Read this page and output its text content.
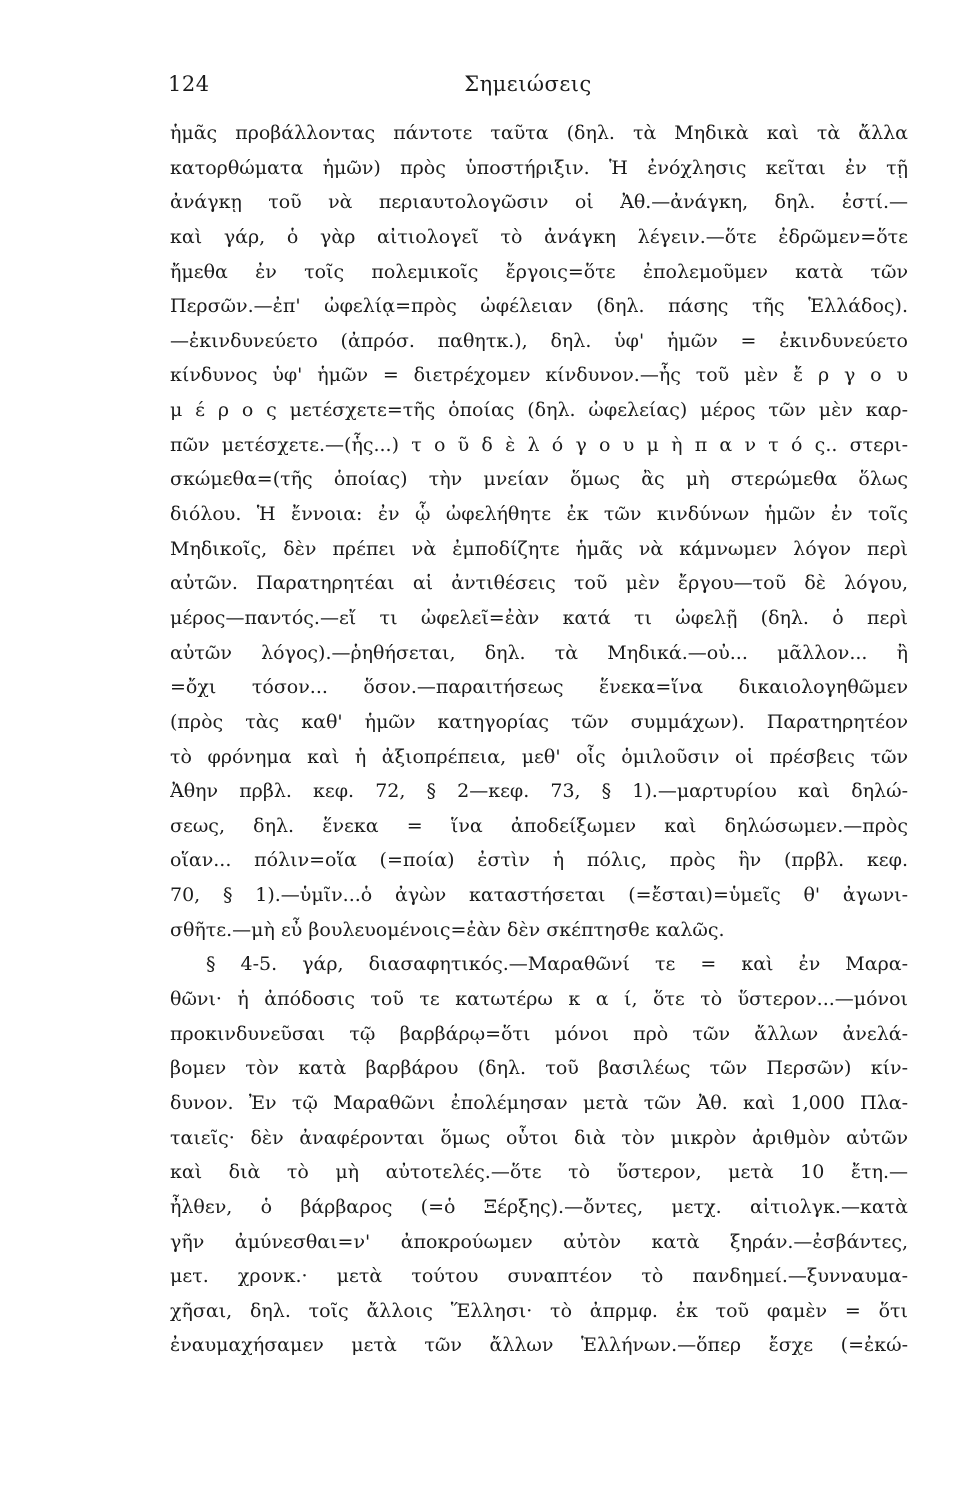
124	Σημειώσεις
ἡμᾶς προβάλλοντας πάντοτε ταῦτα (δηλ. τὰ Μηδικὰ καὶ τὰ ἄλλα
κατορθώματα ἡμῶν) πρὸς ὑποστήριξιν. Ἡ ἐνόχλησις κεῖται ἐν τῇ
ἀνάγκῃ τοῦ νὰ περιαυτολογῶσιν οἱ Ἀθ.—ἀνάγκη, δηλ. ἐστί.—
καὶ γάρ, ὁ γὰρ αἰτιολογεῖ τὸ ἀνάγκη λέγειν.—ὅτε ἐδρῶμεν=ὅτε
ἤμεθα ἐν τοῖς πολεμικοῖς ἔργοις=ὅτε ἐπολεμοῦμεν κατὰ τῶν
Περσῶν.—ἐπ' ὠφελίᾳ=πρὸς ὠφέλειαν (δηλ. πάσης τῆς Ἑλλάδος).
—ἐκινδυνεύετο (ἀπρόσ. παθητκ.), δηλ. ὑφ' ἡμῶν = ἐκινδυνεύετο
κίνδυνος ὑφ' ἡμῶν = διετρέχομεν κίνδυνον.—ἧς τοῦ μὲν ἔ ρ γ ο υ
μ έ ρ ο ς μετέσχετε=τῆς ὁποίας (δηλ. ὠφελείας) μέρος τῶν μὲν καρ-
πῶν μετέσχετε.—(ἧς...) τ ο ῦ δ ὲ λ ό γ ο υ μ ὴ π α ν τ ό ς.. στερι-
σκώμεθα=(τῆς ὁποίας) τὴν μνείαν ὅμως ἂς μὴ στερώμεθα ὅλως
διόλου. Ἡ ἔννοια: ἐν ᾧ ὠφελήθητε ἐκ τῶν κινδύνων ἡμῶν ἐν τοῖς
Μηδικοῖς, δὲν πρέπει νὰ ἐμποδίζητε ἡμᾶς νὰ κάμνωμεν λόγον περὶ
αὐτῶν. Παρατηρητέαι αἱ ἀντιθέσεις τοῦ μὲν ἔργου—τοῦ δὲ λόγου,
μέρος—παντός.—εἴ τι ὠφελεῖ=ἐὰν κατά τι ὠφελῇ (δηλ. ὁ περὶ
αὐτῶν λόγος).—ῥηθήσεται, δηλ. τὰ Μηδικά.—οὐ... μᾶλλον... ἢ
=ὄχι τόσον... ὅσον.—παραιτήσεως ἕνεκα=ἵνα δικαιολογηθῶμεν
(πρὸς τὰς καθ' ἡμῶν κατηγορίας τῶν συμμάχων). Παρατηρητέον
τὸ φρόνημα καὶ ἡ ἀξιοπρέπεια, μεθ' οἷς ὁμιλοῦσιν οἱ πρέσβεις τῶν
Ἀθην πρβλ. κεφ. 72, § 2—κεφ. 73, § 1).—μαρτυρίου καὶ δηλώ-
σεως, δηλ. ἕνεκα = ἵνα ἀποδείξωμεν καὶ δηλώσωμεν.—πρὸς
οἵαν... πόλιν=οἵα (=ποία) ἐστὶν ἡ πόλις, πρὸς ἣν (πρβλ. κεφ.
70, § 1).—ὑμῖν...ὁ ἀγὼν καταστήσεται (=ἔσται)=ὑμεῖς θ' ἀγωνι-
σθῆτε.—μὴ εὖ βουλευομένοις=ἐὰν δὲν σκέπτησθε καλῶς.
§ 4-5. γάρ, διασαφητικός.—Μαραθῶνί τε = καὶ ἐν Μαρα-
θῶνι· ἡ ἀπόδοσις τοῦ τε κατωτέρω κ α ί, ὅτε τὸ ὕστερον...—μόνοι
προκινδυνεῦσαι τῷ βαρβάρῳ=ὅτι μόνοι πρὸ τῶν ἄλλων ἀνελά-
βομεν τὸν κατὰ βαρβάρου (δηλ. τοῦ βασιλέως τῶν Περσῶν) κίν-
δυνον. Ἐν τῷ Μαραθῶνι ἐπολέμησαν μετὰ τῶν Ἀθ. καὶ 1,000 Πλα-
ταιεῖς· δὲν ἀναφέρονται ὅμως οὗτοι διὰ τὸν μικρὸν ἀριθμὸν αὐτῶν
καὶ διὰ τὸ μὴ αὐτοτελές.—ὅτε τὸ ὕστερον, μετὰ 10 ἔτη.—
ἦλθεν, ὁ βάρβαρος (=ὁ Ξέρξης).—ὄντες, μετχ. αἰτιολγκ.—κατὰ
γῆν ἀμύνεσθαι=ν' ἀποκρούωμεν αὐτὸν κατὰ ξηράν.—ἐσβάντες,
μετ. χρονκ.· μετὰ τούτου συναπτέον τὸ πανδημεί.—ξυνναυμα-
χῆσαι, δηλ. τοῖς ἄλλοις Ἕλλησι· τὸ ἀπρμφ. ἐκ τοῦ φαμὲν = ὅτι
ἐναυμαχήσαμεν μετὰ τῶν ἄλλων Ἑλλήνων.—ὅπερ ἔσχε (=ἐκώ-
